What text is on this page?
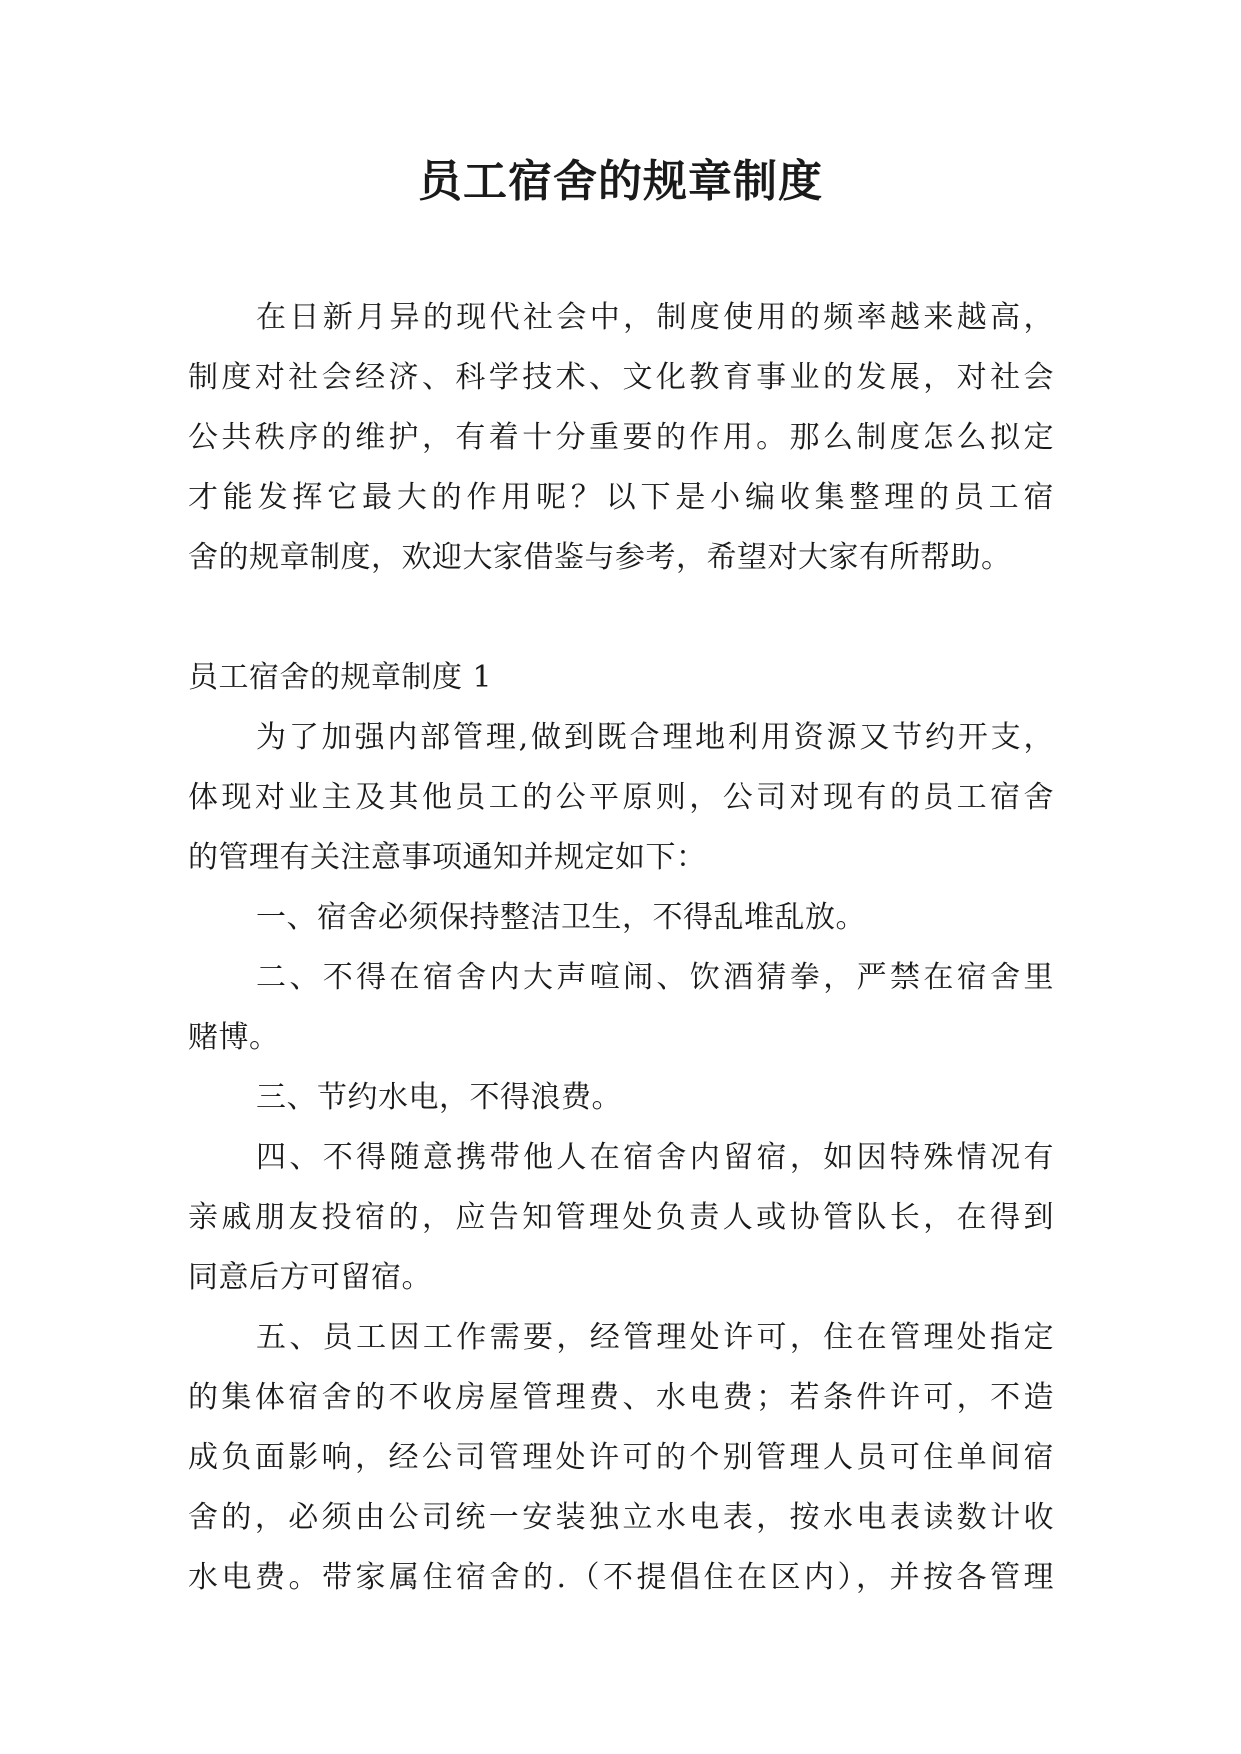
员工宿舍的规章制度
在日新月异的现代社会中，制度使用的频率越来越高，
制度对社会经济、科学技术、文化教育事业的发展，对社会
公共秩序的维护，有着十分重要的作用。那么制度怎么拟定
才能发挥它最大的作用呢？以下是小编收集整理的员工宿
舍的规章制度，欢迎大家借鉴与参考，希望对大家有所帮助。
员工宿舍的规章制度 1
为了加强内部管理,做到既合理地利用资源又节约开支，
体现对业主及其他员工的公平原则，公司对现有的员工宿舍
的管理有关注意事项通知并规定如下：
一、宿舍必须保持整洁卫生，不得乱堆乱放。
二、不得在宿舍内大声喧闹、饮酒猜拳，严禁在宿舍里
赌博。
三、节约水电，不得浪费。
四、不得随意携带他人在宿舍内留宿，如因特殊情况有
亲戚朋友投宿的，应告知管理处负责人或协管队长，在得到
同意后方可留宿。
五、员工因工作需要，经管理处许可，住在管理处指定
的集体宿舍的不收房屋管理费、水电费；若条件许可，不造
成负面影响，经公司管理处许可的个别管理人员可住单间宿
舍的，必须由公司统一安装独立水电表，按水电表读数计收
水电费。带家属住宿舍的.（不提倡住在区内），并按各管理
